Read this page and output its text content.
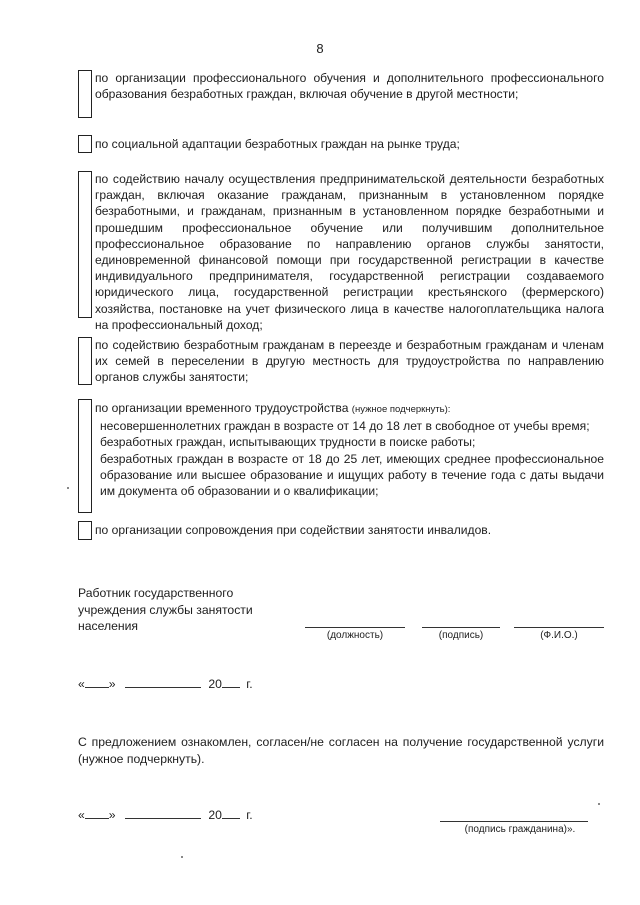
8
по организации профессионального обучения и дополнительного профессионального образования безработных граждан, включая обучение в другой местности;
по социальной адаптации безработных граждан на рынке труда;
по содействию началу осуществления предпринимательской деятельности безработных граждан, включая оказание гражданам, признанным в установленном порядке безработными, и гражданам, признанным в установленном порядке безработными и прошедшим профессиональное обучение или получившим дополнительное профессиональное образование по направлению органов службы занятости, единовременной финансовой помощи при государственной регистрации в качестве индивидуального предпринимателя, государственной регистрации создаваемого юридического лица, государственной регистрации крестьянского (фермерского) хозяйства, постановке на учет физического лица в качестве налогоплательщика налога на профессиональный доход;
по содействию безработным гражданам в переезде и безработным гражданам и членам их семей в переселении в другую местность для трудоустройства по направлению органов службы занятости;
по организации временного трудоустройства (нужное подчеркнуть):
несовершеннолетних граждан в возрасте от 14 до 18 лет в свободное от учебы время;
безработных граждан, испытывающих трудности в поиске работы;
безработных граждан в возрасте от 18 до 25 лет, имеющих среднее профессиональное образование или высшее образование и ищущих работу в течение года с даты выдачи им документа об образовании и о квалификации;
по организации сопровождения при содействии занятости инвалидов.
Работник государственного
учреждения службы занятости
населения
(должность)	(подпись)	(Ф.И.О.)
« »	20 г.
С предложением ознакомлен, согласен/не согласен на получение государственной услуги (нужное подчеркнуть).
« »	20 г.
(подпись гражданина)».
